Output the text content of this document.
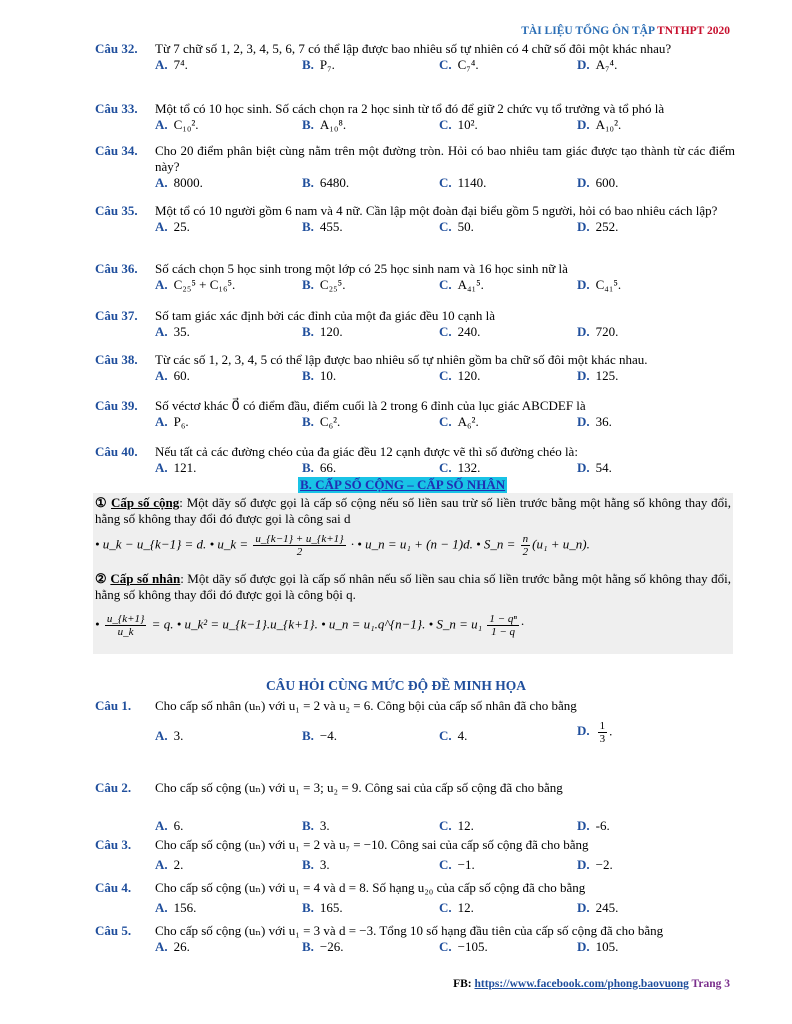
TÀI LIỆU TỔNG ÔN TẬP TNTHPT 2020
Câu 32. Từ 7 chữ số 1, 2, 3, 4, 5, 6, 7 có thể lập được bao nhiêu số tự nhiên có 4 chữ số đôi một khác nhau?
A. 7⁴.	B. P₇.	C. C₇⁴.	D. A₇⁴.
Câu 33. Một tổ có 10 học sinh. Số cách chọn ra 2 học sinh từ tổ đó để giữ 2 chức vụ tổ trưởng và tổ phó là
A. C₁₀².	B. A₁₀⁸.	C. 10².	D. A₁₀².
Câu 34. Cho 20 điểm phân biệt cùng nằm trên một đường tròn. Hỏi có bao nhiêu tam giác được tạo thành từ các điểm này?
A. 8000.	B. 6480.	C. 1140.	D. 600.
Câu 35. Một tổ có 10 người gồm 6 nam và 4 nữ. Cần lập một đoàn đại biểu gồm 5 người, hỏi có bao nhiêu cách lập?
A. 25.	B. 455.	C. 50.	D. 252.
Câu 36. Số cách chọn 5 học sinh trong một lớp có 25 học sinh nam và 16 học sinh nữ là
A. C₂₅⁵ + C₁₆⁵.	B. C₂₅⁵.	C. A₄₁⁵.	D. C₄₁⁵.
Câu 37. Số tam giác xác định bởi các đỉnh của một đa giác đều 10 cạnh là
A. 35.	B. 120.	C. 240.	D. 720.
Câu 38. Từ các số 1, 2, 3, 4, 5 có thể lập được bao nhiêu số tự nhiên gồm ba chữ số đôi một khác nhau.
A. 60.	B. 10.	C. 120.	D. 125.
Câu 39. Số véctơ khác 0⃗ có điểm đầu, điểm cuối là 2 trong 6 đỉnh của lục giác ABCDEF là
A. P₆.	B. C₆².	C. A₆².	D. 36.
Câu 40. Nếu tất cả các đường chéo của đa giác đều 12 cạnh được vẽ thì số đường chéo là:
A. 121.	B. 66.	C. 132.	D. 54.
B. CẤP SỐ CỘNG – CẤP SỐ NHÂN

① Cấp số cộng: Một dãy số được gọi là cấp số cộng nếu số liền sau trừ số liền trước bằng một hằng số không thay đổi, hằng số không thay đổi đó được gọi là công sai d

• u_k − u_{k−1} = d. • u_k = $\frac{u\_\{k-1\} + u\_\{k+1\}}{2}$ · • u_n = u₁ + (n − 1)d. • S_n = $\frac{n}{2} (u_1$ + u_n).

② Cấp số nhân: Một dãy số được gọi là cấp số nhân nếu số liền sau chia số liền trước bằng một hằng số không thay đổi, hằng số không thay đổi đó được gọi là công bội q.

• $\frac{u\_\{k+1\}}{u\_k} = q$. • u_k² = u_{k−1}.u_{k+1}. • u_n = u₁.q^{n−1}. • S_n = $u_1 \frac{\text{1 − qⁿ}}{1 - q}$ ·
CÂU HỎI CÙNG MỨC ĐỘ ĐỀ MINH HỌA
Câu 1. Cho cấp số nhân (uₙ) với u₁ = 2 và u₂ = 6. Công bội của cấp số nhân đã cho bằng
A. 3.	B. −4.	C. 4.	D. $\frac{1}{3}$ .
Câu 2. Cho cấp số cộng (uₙ) với u₁ = 3; u₂ = 9. Công sai của cấp số cộng đã cho bằng
A. 6.	B. 3.	C. 12.	D. -6.
Câu 3. Cho cấp số cộng (uₙ) với u₁ = 2 và u₇ = −10. Công sai của cấp số cộng đã cho bằng
A. 2.	B. 3.	C. −1.	D. −2.
Câu 4. Cho cấp số cộng (uₙ) với u₁ = 4 và d = 8. Số hạng u₂₀ của cấp số cộng đã cho bằng
A. 156.	B. 165.	C. 12.	D. 245.
Câu 5. Cho cấp số cộng (uₙ) với u₁ = 3 và d = −3. Tổng 10 số hạng đầu tiên của cấp số cộng đã cho bằng
A. 26.	B. −26.	C. −105.	D. 105.
FB: https://www.facebook.com/phong.baovuong Trang 3
